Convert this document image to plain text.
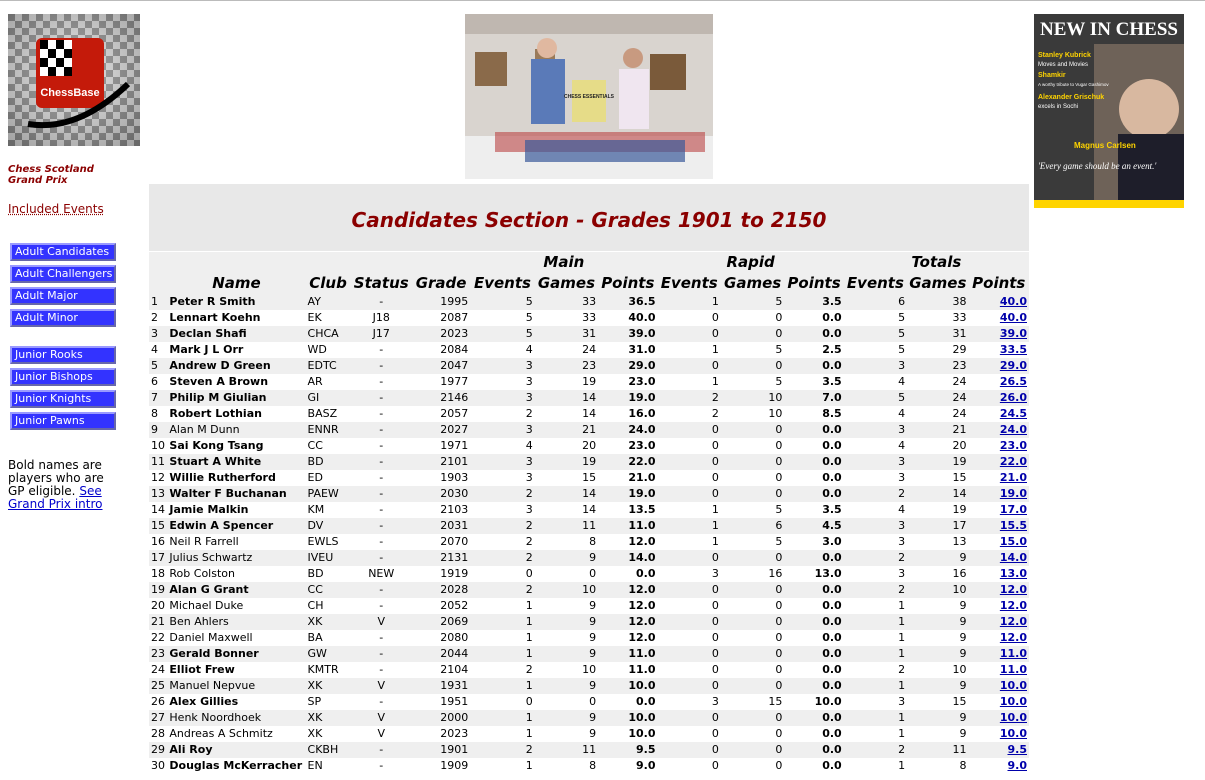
ChessBase
Chess Scotland
Grand Prix
Included Events
Adult Candidates
Adult Challengers
Adult Major
Adult Minor
Junior Rooks
Junior Bishops
Junior Knights
Junior Pawns
Bold names are players who are GP eligible. See Grand Prix intro
CHESS ESSENTIALS
NEW IN CHESS
Stanley Kubrick
Moves and Movies
Shamkir
A worthy tribute to Vugar Gashimov
Alexander Grischuk
excels in Sochi
Magnus Carlsen
'Every game should be an event.'
Candidates Section - Grades 1901 to 2150
					Main			Rapid			Totals		
	Name	Club	Status	Grade	Events	Games	Points	Events	Games	Points	Events	Games	Points
1	Peter R Smith	AY	-	1995	5	33	36.5	1	5	3.5	6	38	40.0
2	Lennart Koehn	EK	J18	2087	5	33	40.0	0	0	0.0	5	33	40.0
3	Declan Shafi	CHCA	J17	2023	5	31	39.0	0	0	0.0	5	31	39.0
4	Mark J L Orr	WD	-	2084	4	24	31.0	1	5	2.5	5	29	33.5
5	Andrew D Green	EDTC	-	2047	3	23	29.0	0	0	0.0	3	23	29.0
6	Steven A Brown	AR	-	1977	3	19	23.0	1	5	3.5	4	24	26.5
7	Philip M Giulian	GI	-	2146	3	14	19.0	2	10	7.0	5	24	26.0
8	Robert Lothian	BASZ	-	2057	2	14	16.0	2	10	8.5	4	24	24.5
9	Alan M Dunn	ENNR	-	2027	3	21	24.0	0	0	0.0	3	21	24.0
10	Sai Kong Tsang	CC	-	1971	4	20	23.0	0	0	0.0	4	20	23.0
11	Stuart A White	BD	-	2101	3	19	22.0	0	0	0.0	3	19	22.0
12	Willie Rutherford	ED	-	1903	3	15	21.0	0	0	0.0	3	15	21.0
13	Walter F Buchanan	PAEW	-	2030	2	14	19.0	0	0	0.0	2	14	19.0
14	Jamie Malkin	KM	-	2103	3	14	13.5	1	5	3.5	4	19	17.0
15	Edwin A Spencer	DV	-	2031	2	11	11.0	1	6	4.5	3	17	15.5
16	Neil R Farrell	EWLS	-	2070	2	8	12.0	1	5	3.0	3	13	15.0
17	Julius Schwartz	IVEU	-	2131	2	9	14.0	0	0	0.0	2	9	14.0
18	Rob Colston	BD	NEW	1919	0	0	0.0	3	16	13.0	3	16	13.0
19	Alan G Grant	CC	-	2028	2	10	12.0	0	0	0.0	2	10	12.0
20	Michael Duke	CH	-	2052	1	9	12.0	0	0	0.0	1	9	12.0
21	Ben Ahlers	XK	V	2069	1	9	12.0	0	0	0.0	1	9	12.0
22	Daniel Maxwell	BA	-	2080	1	9	12.0	0	0	0.0	1	9	12.0
23	Gerald Bonner	GW	-	2044	1	9	11.0	0	0	0.0	1	9	11.0
24	Elliot Frew	KMTR	-	2104	2	10	11.0	0	0	0.0	2	10	11.0
25	Manuel Nepvue	XK	V	1931	1	9	10.0	0	0	0.0	1	9	10.0
26	Alex Gillies	SP	-	1951	0	0	0.0	3	15	10.0	3	15	10.0
27	Henk Noordhoek	XK	V	2000	1	9	10.0	0	0	0.0	1	9	10.0
28	Andreas A Schmitz	XK	V	2023	1	9	10.0	0	0	0.0	1	9	10.0
29	Ali Roy	CKBH	-	1901	2	11	9.5	0	0	0.0	2	11	9.5
30	Douglas McKerracher	EN	-	1909	1	8	9.0	0	0	0.0	1	8	9.0
